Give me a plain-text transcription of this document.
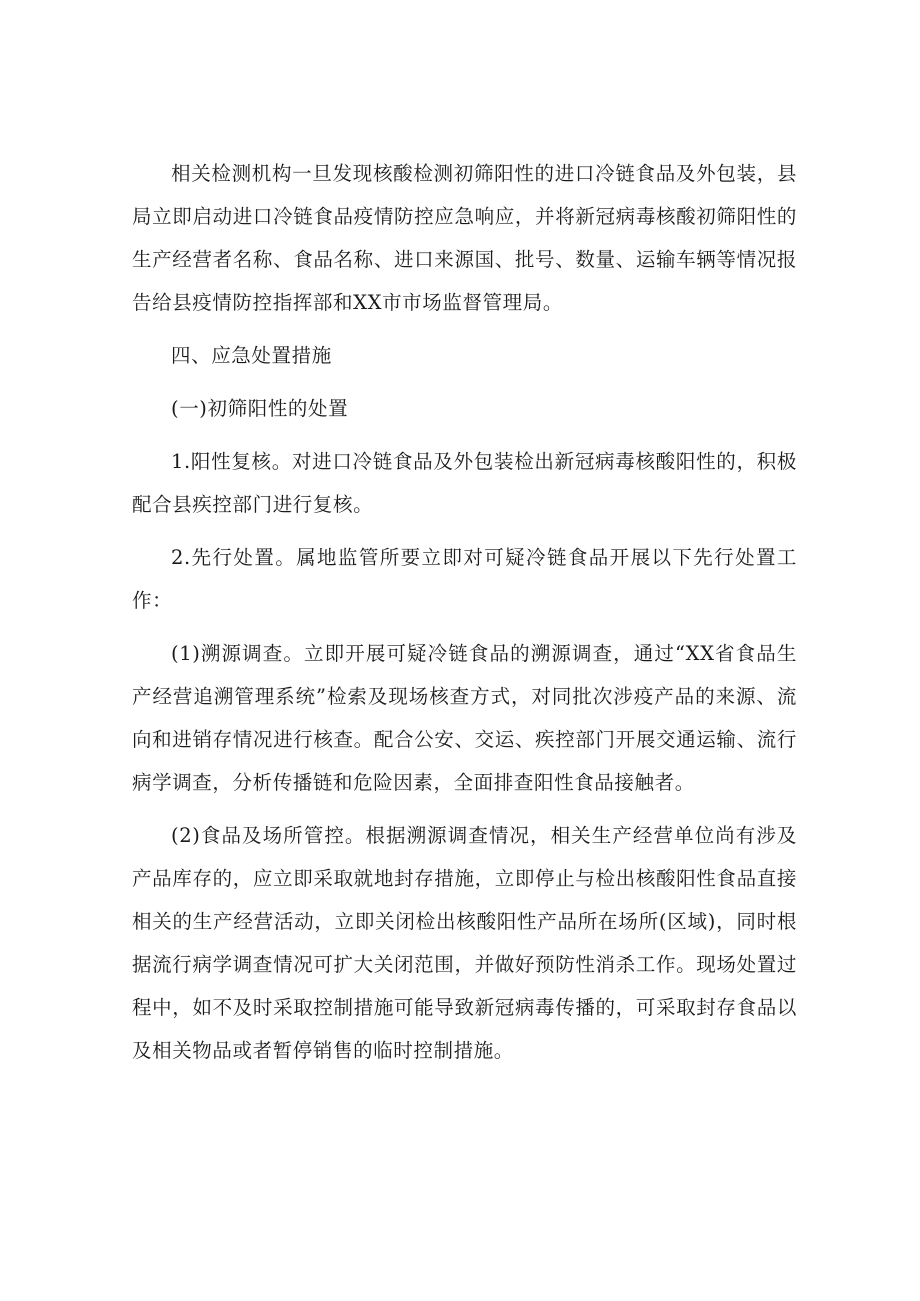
相关检测机构一旦发现核酸检测初筛阳性的进口冷链食品及外包装，县局立即启动进口冷链食品疫情防控应急响应，并将新冠病毒核酸初筛阳性的生产经营者名称、食品名称、进口来源国、批号、数量、运输车辆等情况报告给县疫情防控指挥部和XX市市场监督管理局。

四、应急处置措施

(一)初筛阳性的处置

1.阳性复核。对进口冷链食品及外包装检出新冠病毒核酸阳性的，积极配合县疾控部门进行复核。

2.先行处置。属地监管所要立即对可疑冷链食品开展以下先行处置工作：

(1)溯源调查。立即开展可疑冷链食品的溯源调查，通过“XX省食品生产经营追溯管理系统”检索及现场核查方式，对同批次涉疫产品的来源、流向和进销存情况进行核查。配合公安、交运、疾控部门开展交通运输、流行病学调查，分析传播链和危险因素，全面排查阳性食品接触者。

(2)食品及场所管控。根据溯源调查情况，相关生产经营单位尚有涉及产品库存的，应立即采取就地封存措施，立即停止与检出核酸阳性食品直接相关的生产经营活动，立即关闭检出核酸阳性产品所在场所(区域)，同时根据流行病学调查情况可扩大关闭范围，并做好预防性消杀工作。现场处置过程中，如不及时采取控制措施可能导致新冠病毒传播的，可采取封存食品以及相关物品或者暂停销售的临时控制措施。
